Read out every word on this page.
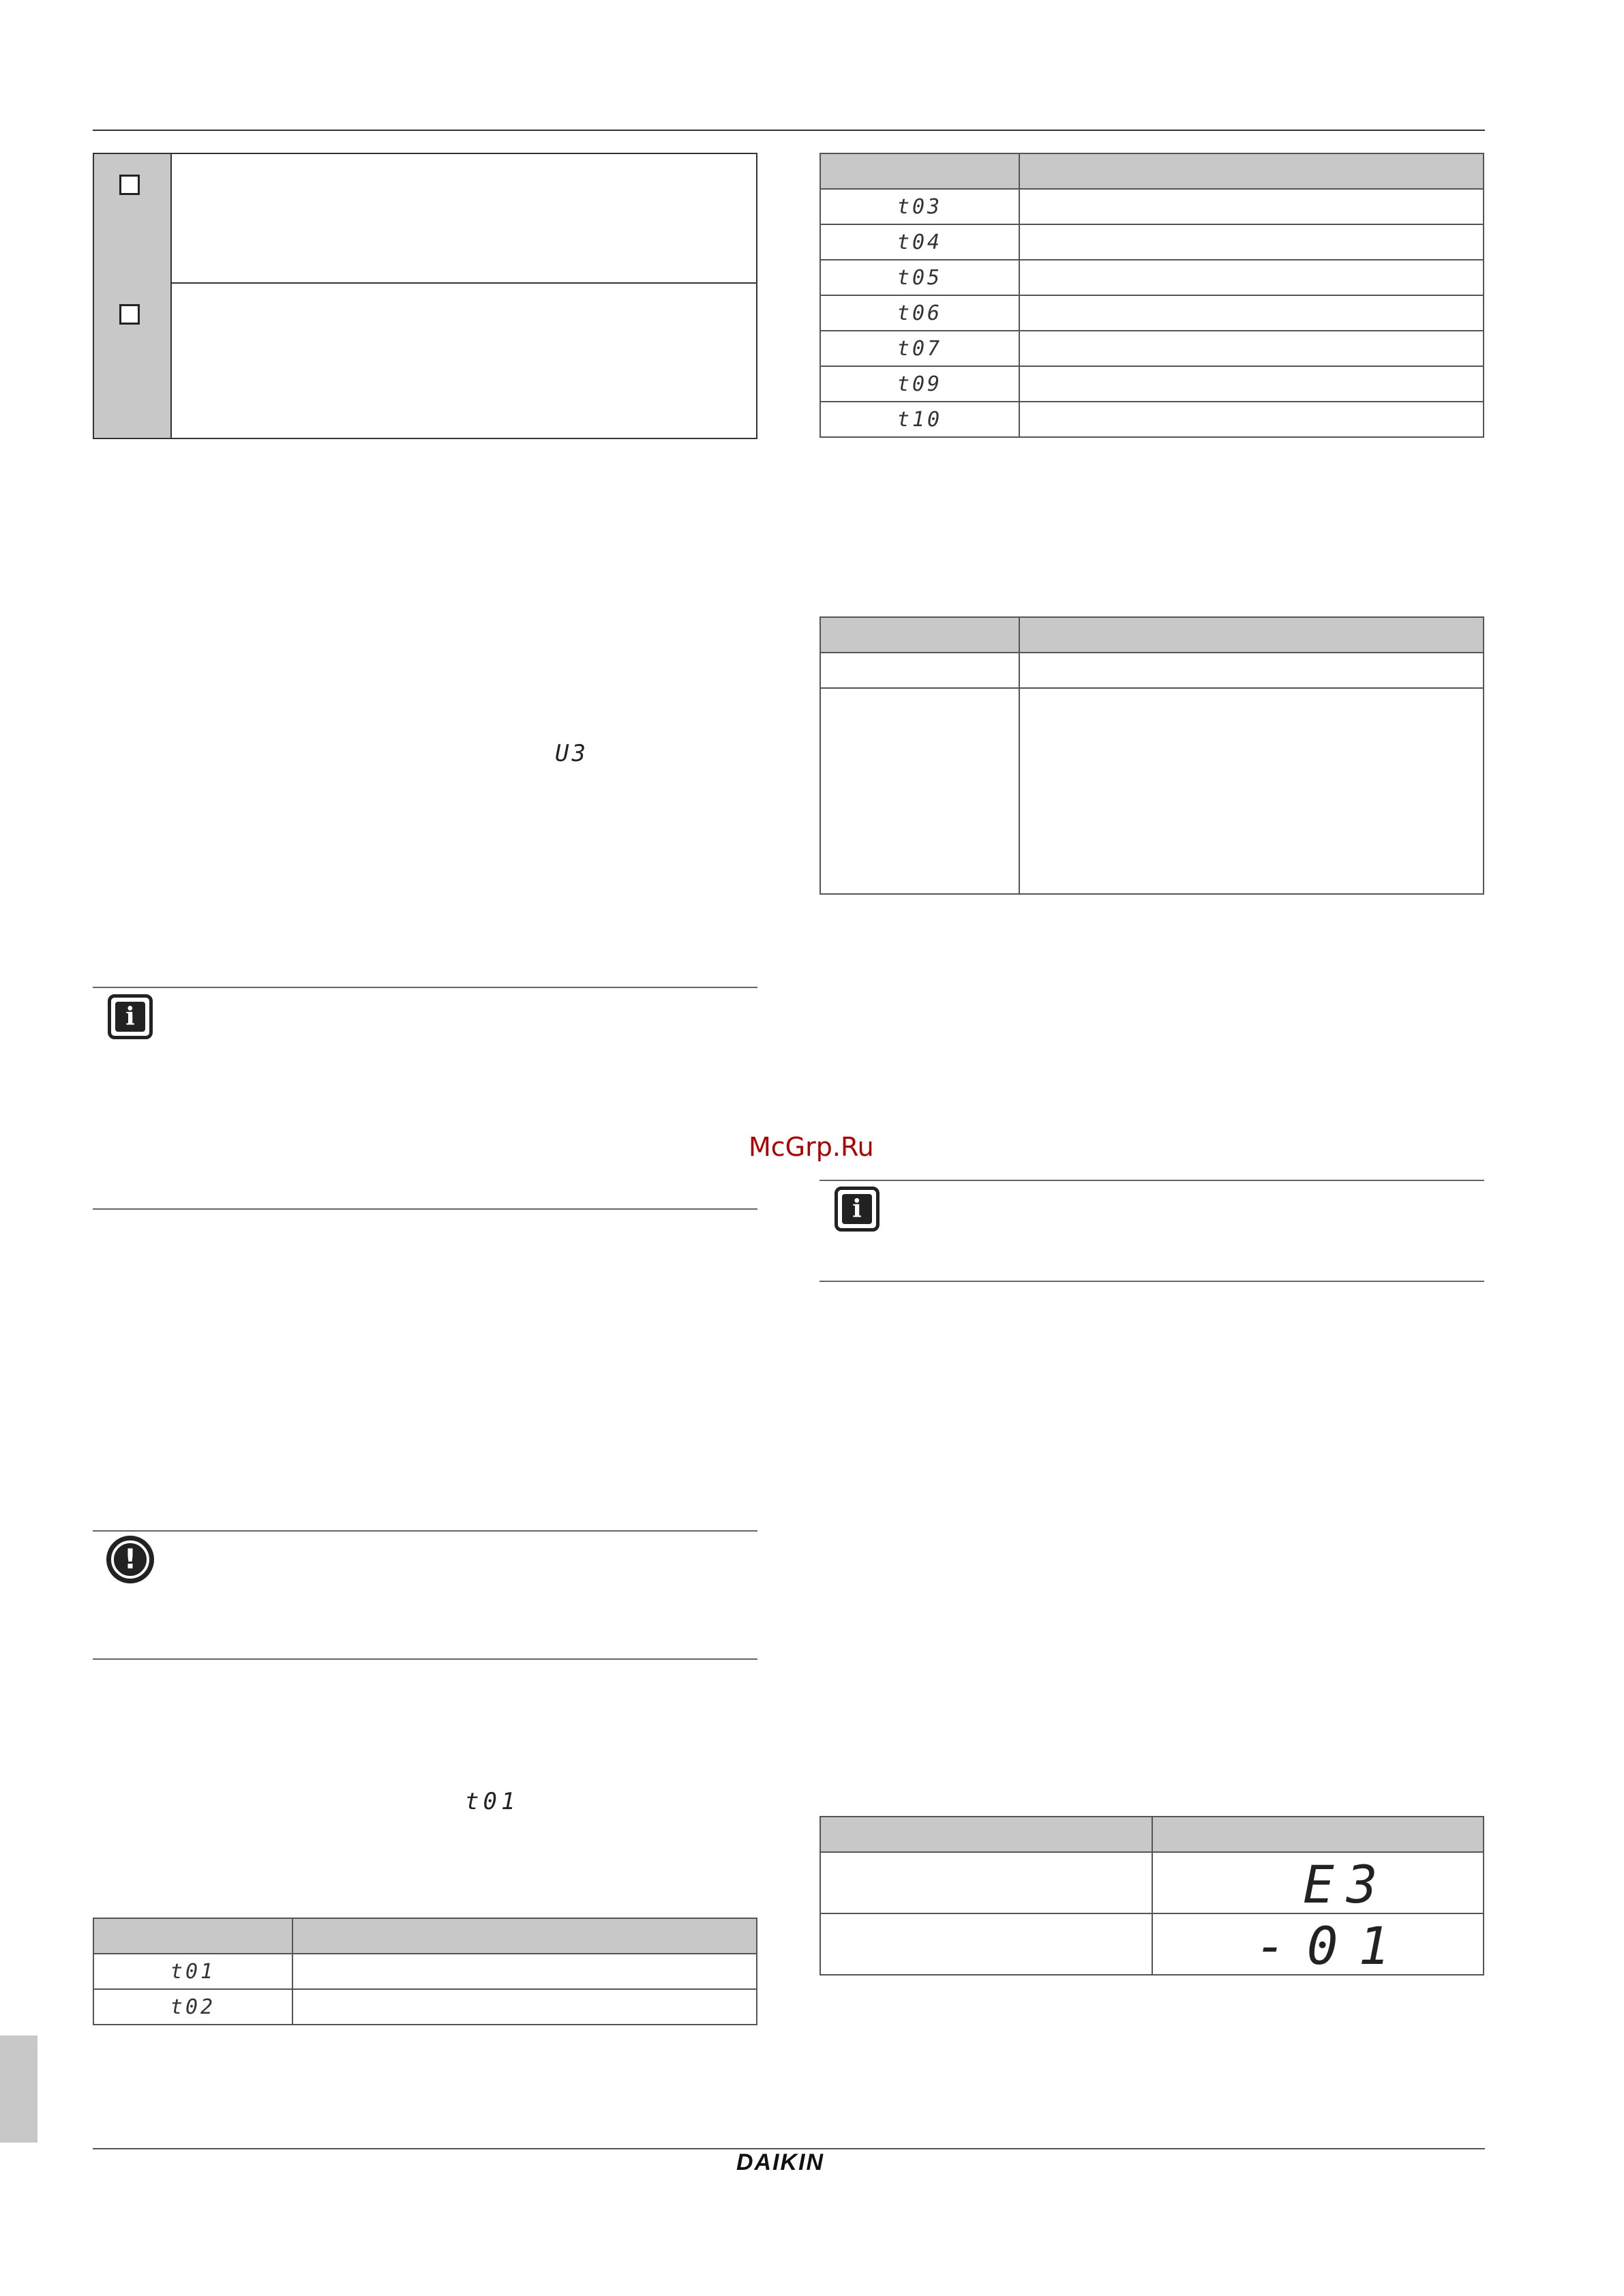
U3
i
!
t01

t01	
t02	

t03	
t04	
t05	
t06	
t07	
t09	
t10	

McGrp.Ru
i

	E3

	-01
DAIKIN
